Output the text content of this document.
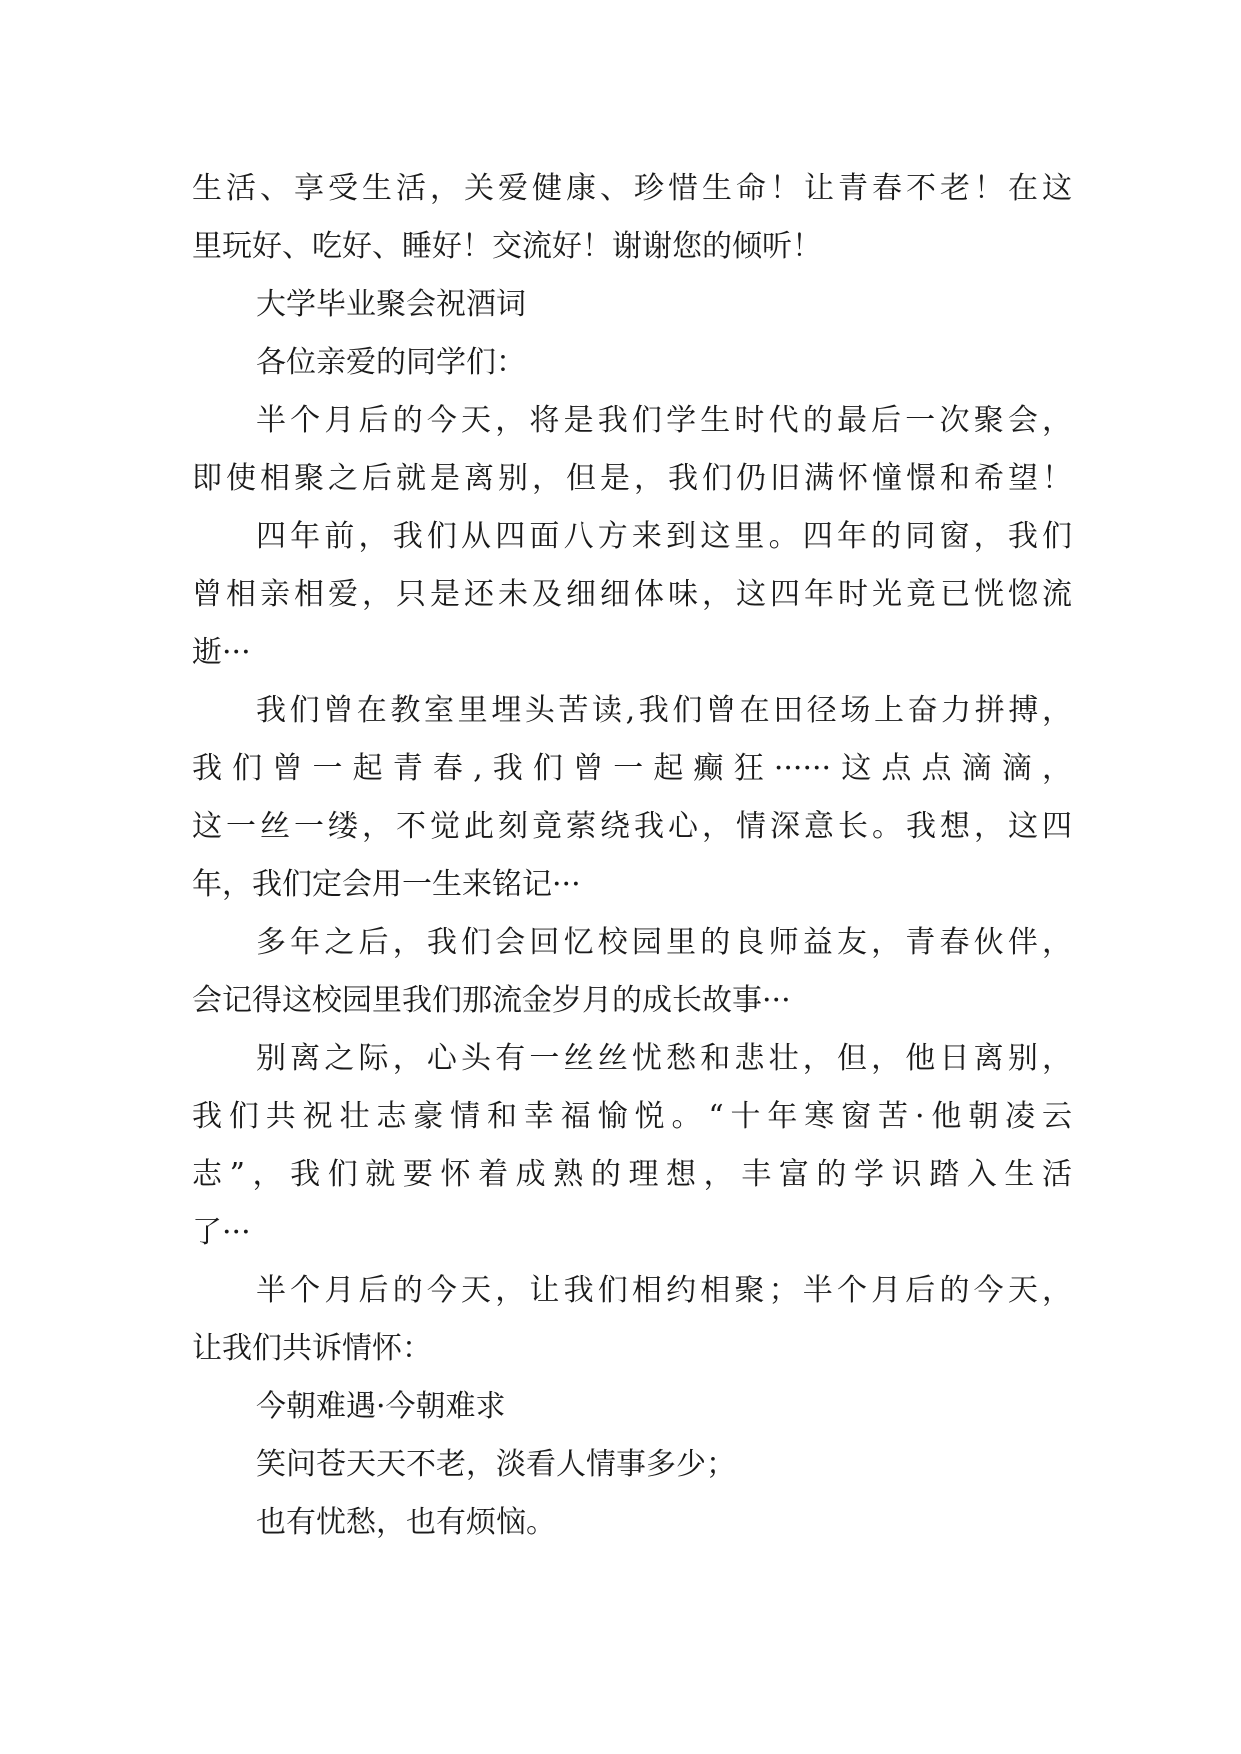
生活、享受生活，关爱健康、珍惜生命！让青春不老！在这
里玩好、吃好、睡好！交流好！谢谢您的倾听！
大学毕业聚会祝酒词
各位亲爱的同学们：
半个月后的今天，将是我们学生时代的最后一次聚会，
即使相聚之后就是离别，但是，我们仍旧满怀憧憬和希望！
四年前，我们从四面八方来到这里。四年的同窗，我们
曾相亲相爱，只是还未及细细体味，这四年时光竟已恍惚流
逝···
我们曾在教室里埋头苦读,我们曾在田径场上奋力拼搏，
我们曾一起青春,我们曾一起癫狂······这点点滴滴，
这一丝一缕，不觉此刻竟萦绕我心，情深意长。我想，这四
年，我们定会用一生来铭记···
多年之后，我们会回忆校园里的良师益友，青春伙伴，
会记得这校园里我们那流金岁月的成长故事···
别离之际，心头有一丝丝忧愁和悲壮，但，他日离别，
我们共祝壮志豪情和幸福愉悦。“十年寒窗苦·他朝凌云
志”，我们就要怀着成熟的理想，丰富的学识踏入生活
了···
半个月后的今天，让我们相约相聚；半个月后的今天，
让我们共诉情怀：
今朝难遇·今朝难求
笑问苍天天不老，淡看人情事多少；
也有忧愁，也有烦恼。
